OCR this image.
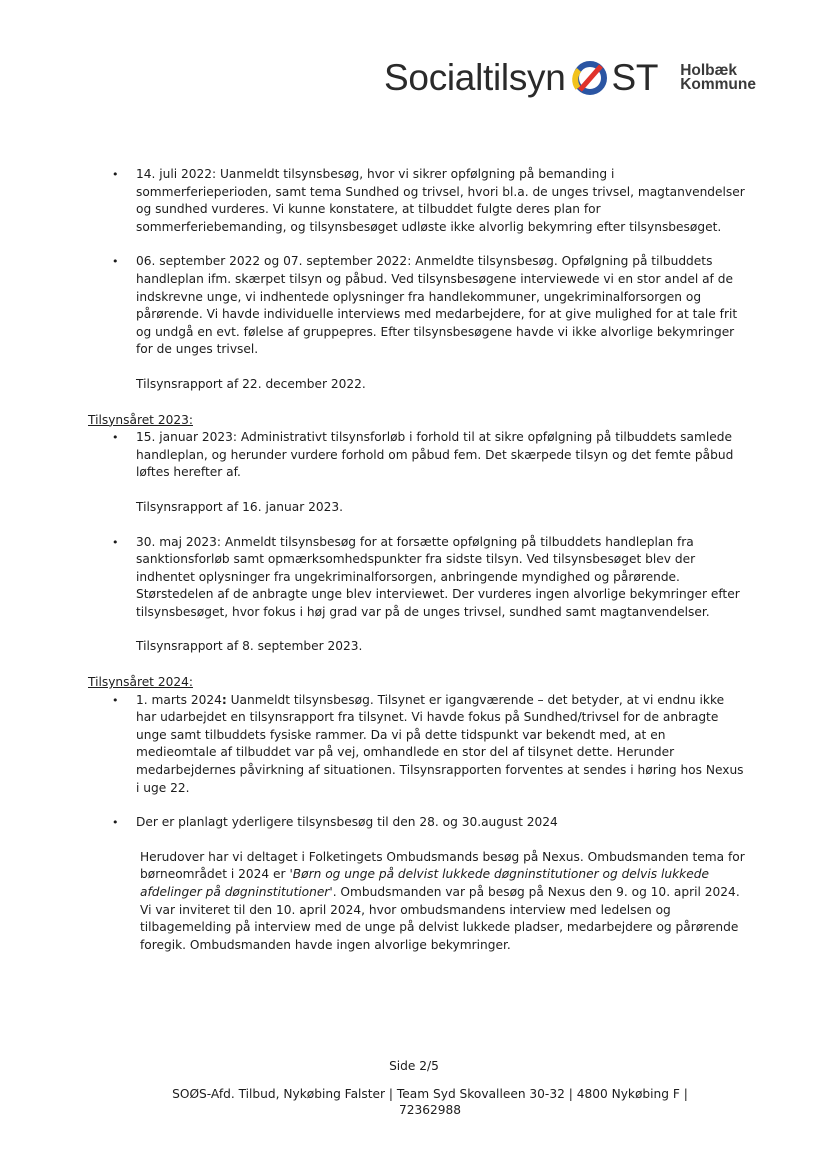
Socialtilsyn ST Holbæk
Kommune
• 14. juli 2022: Uanmeldt tilsynsbesøg, hvor vi sikrer opfølgning på bemanding i sommerferieperioden, samt tema Sundhed og trivsel, hvori bl.a. de unges trivsel, magtanvendelser og sundhed vurderes. Vi kunne konstatere, at tilbuddet fulgte deres plan for sommerferiebemanding, og tilsynsbesøget udløste ikke alvorlig bekymring efter tilsynsbesøget.

• 06. september 2022 og 07. september 2022: Anmeldte tilsynsbesøg. Opfølgning på tilbuddets handleplan ifm. skærpet tilsyn og påbud. Ved tilsynsbesøgene interviewede vi en stor andel af de indskrevne unge, vi indhentede oplysninger fra handlekommuner, ungekriminalforsorgen og pårørende. Vi havde individuelle interviews med medarbejdere, for at give mulighed for at tale frit og undgå en evt. følelse af gruppepres. Efter tilsynsbesøgene havde vi ikke alvorlige bekymringer for de unges trivsel.

Tilsynsrapport af 22. december 2022.

Tilsynsåret 2023:

• 15. januar 2023: Administrativt tilsynsforløb i forhold til at sikre opfølgning på tilbuddets samlede handleplan, og herunder vurdere forhold om påbud fem. Det skærpede tilsyn og det femte påbud løftes herefter af.

Tilsynsrapport af 16. januar 2023.

• 30. maj 2023: Anmeldt tilsynsbesøg for at forsætte opfølgning på tilbuddets handleplan fra sanktionsforløb samt opmærksomhedspunkter fra sidste tilsyn. Ved tilsynsbesøget blev der indhentet oplysninger fra ungekriminalforsorgen, anbringende myndighed og pårørende. Størstedelen af de anbragte unge blev interviewet. Der vurderes ingen alvorlige bekymringer efter tilsynsbesøget, hvor fokus i høj grad var på de unges trivsel, sundhed samt magtanvendelser.

Tilsynsrapport af 8. september 2023.

Tilsynsåret 2024:

• 1. marts 2024: Uanmeldt tilsynsbesøg. Tilsynet er igangværende – det betyder, at vi endnu ikke har udarbejdet en tilsynsrapport fra tilsynet. Vi havde fokus på Sundhed/trivsel for de anbragte unge samt tilbuddets fysiske rammer. Da vi på dette tidspunkt var bekendt med, at en medieomtale af tilbuddet var på vej, omhandlede en stor del af tilsynet dette. Herunder medarbejdernes påvirkning af situationen. Tilsynsrapporten forventes at sendes i høring hos Nexus i uge 22.

• Der er planlagt yderligere tilsynsbesøg til den 28. og 30.august 2024

Herudover har vi deltaget i Folketingets Ombudsmands besøg på Nexus. Ombudsmanden tema for børneområdet i 2024 er 'Børn og unge på delvist lukkede døgninstitutioner og delvis lukkede afdelinger på døgninstitutioner'. Ombudsmanden var på besøg på Nexus den 9. og 10. april 2024. Vi var inviteret til den 10. april 2024, hvor ombudsmandens interview med ledelsen og tilbagemelding på interview med de unge på delvist lukkede pladser, medarbejdere og pårørende foregik. Ombudsmanden havde ingen alvorlige bekymringer.

Side 2/5
SOØS-Afd. Tilbud, Nykøbing Falster | Team Syd Skovalleen 30-32 | 4800 Nykøbing F | 72362988
